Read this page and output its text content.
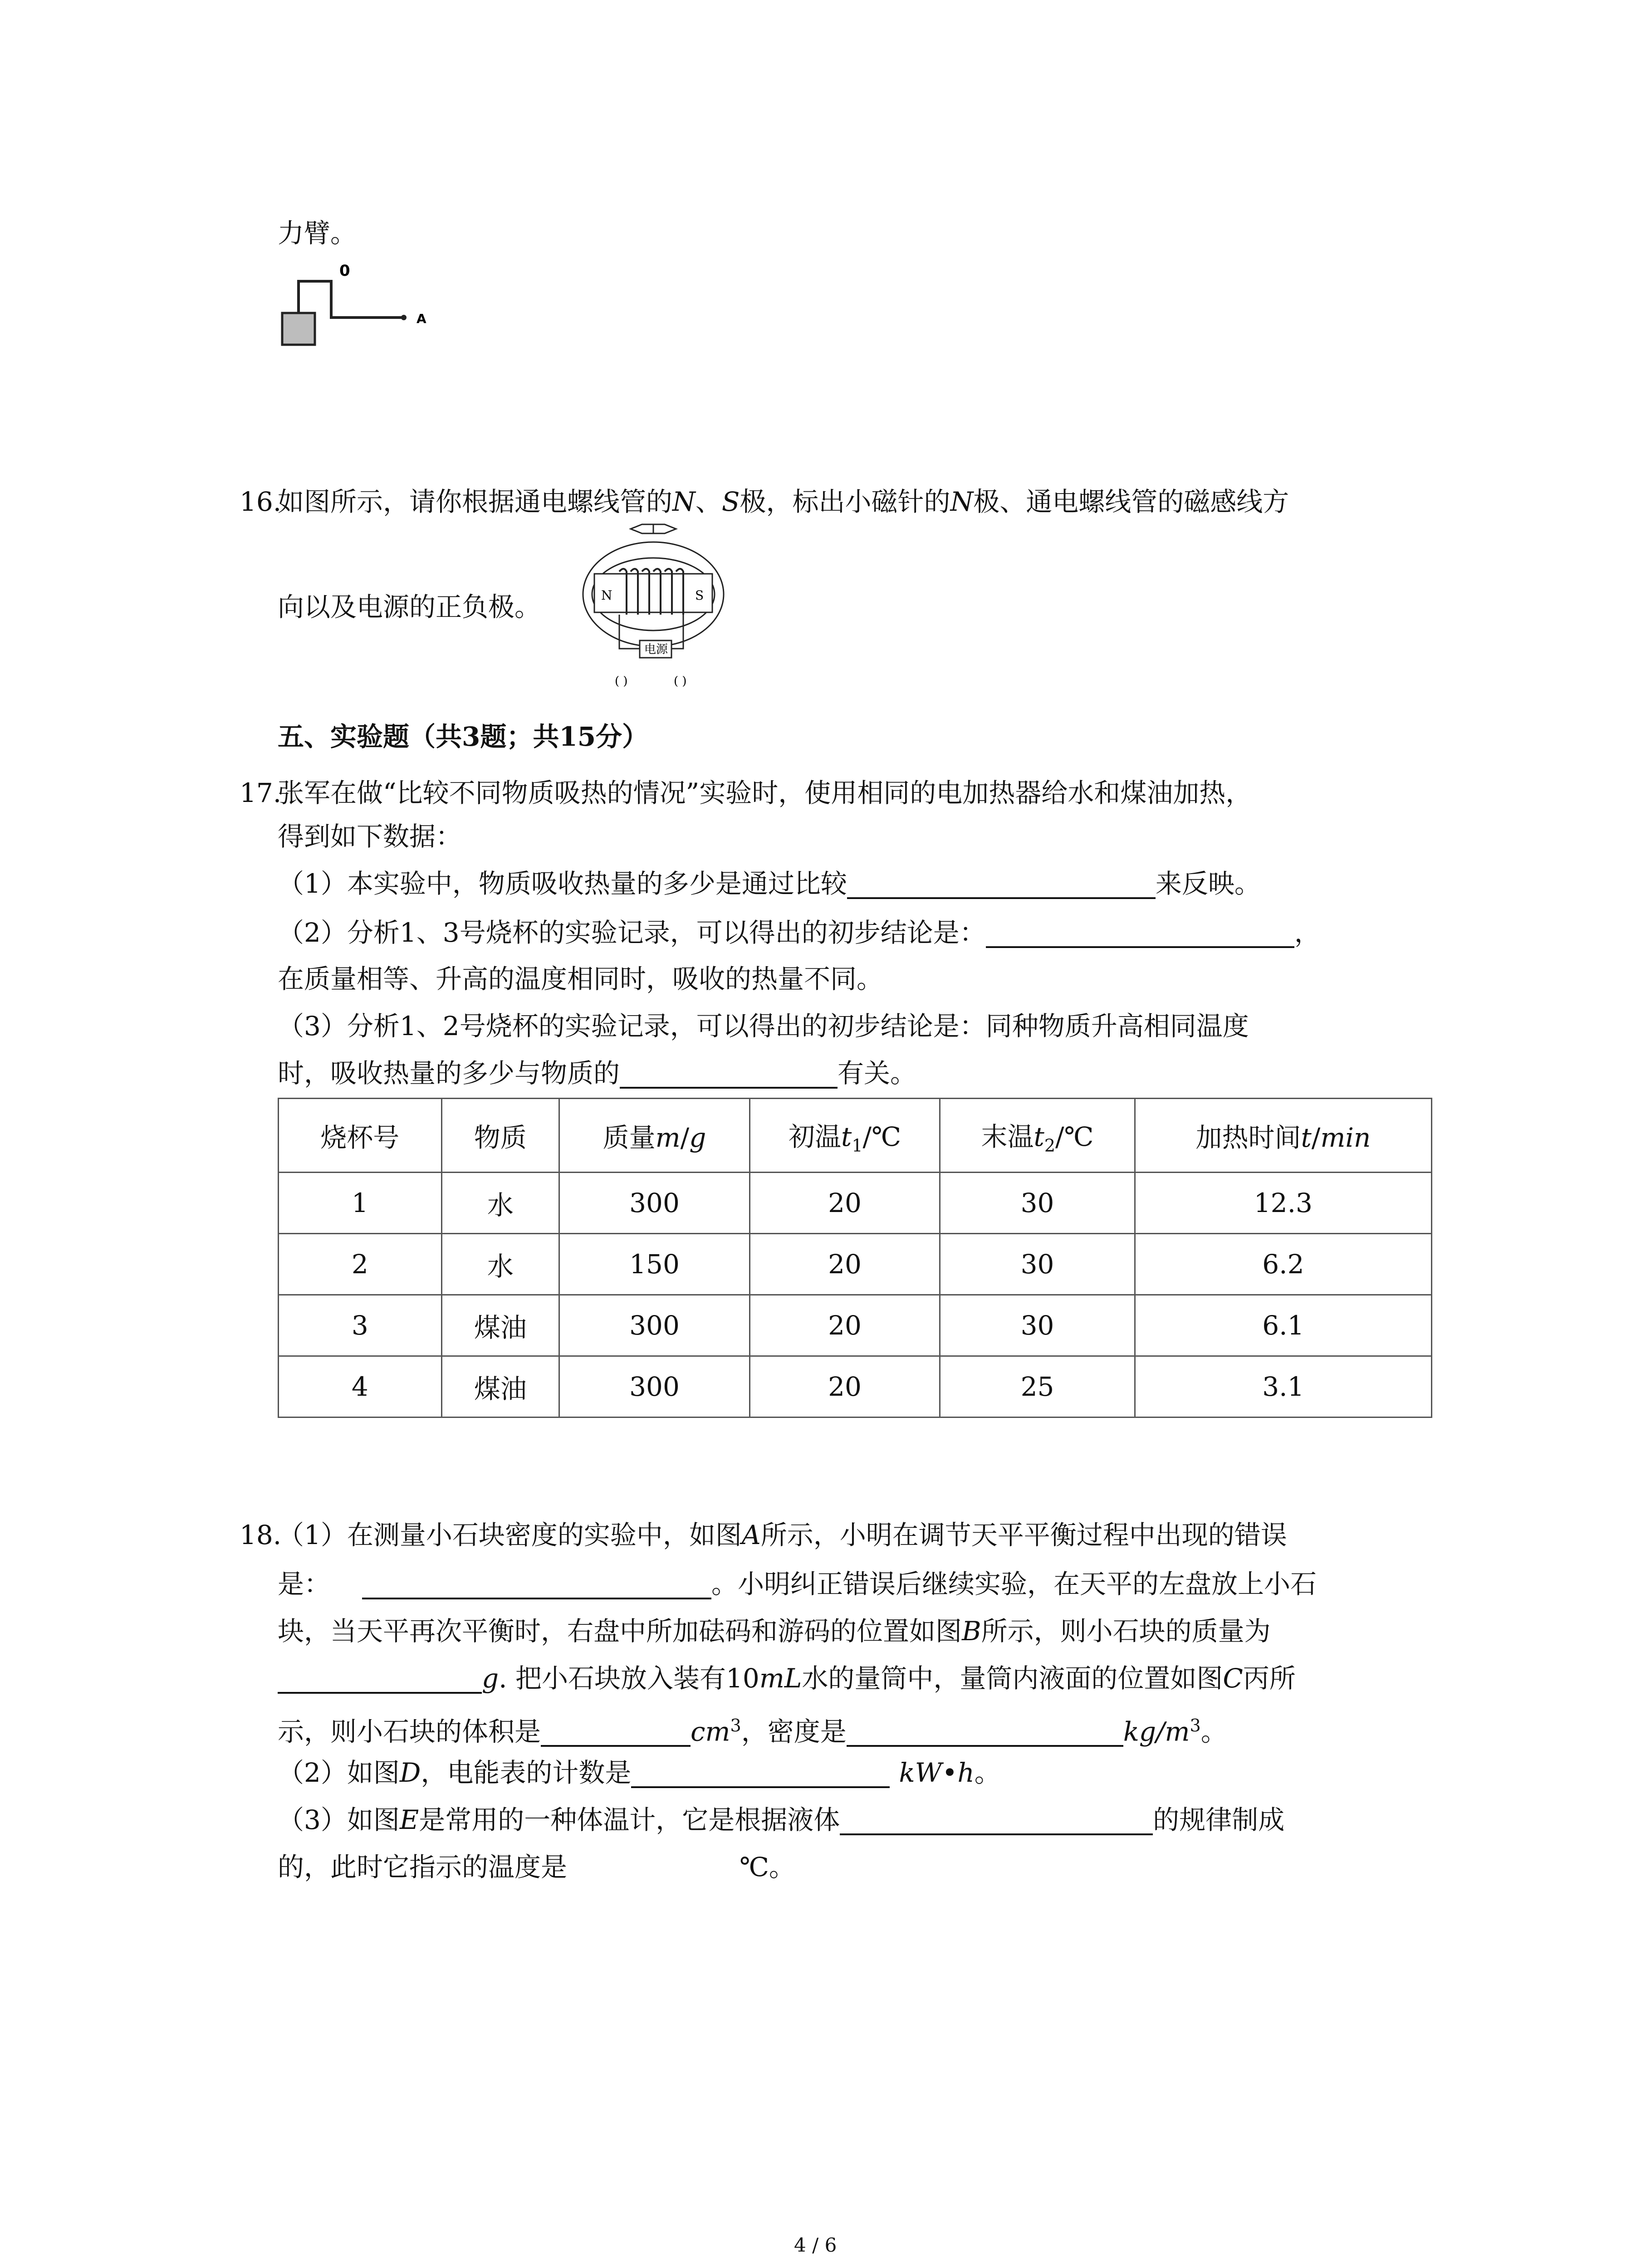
力臂。
0
A
16.
如图所示，请你根据通电螺线管的N、S极，标出小磁针的N极、通电螺线管的磁感线方
向以及电源的正负极。	N	S
电源
( )	( )
五、实验题（共3题；共15分）
17.
张军在做“比较不同物质吸热的情况”实验时，使用相同的电加热器给水和煤油加热，
得到如下数据：
（1）本实验中，物质吸收热量的多少是通过比较	来反映。
（2）分析1、3号烧杯的实验记录，可以得出的初步结论是：	，
在质量相等、升高的温度相同时，吸收的热量不同。
（3）分析1、2号烧杯的实验记录，可以得出的初步结论是：同种物质升高相同温度
时，吸收热量的多少与物质的	有关。
烧杯号	物质	质量m/g	初温$t_1/℃$	末温$t_2/℃$	加热时间t/min
1	水	300	20	30	12.3
2	水	150	20	30	6.2
3	煤油	300	20	30	6.1
4	煤油	300	20	25	3.1
18.
（1）在测量小石块密度的实验中，如图A所示，小明在调节天平平衡过程中出现的错误
是：	。小明纠正错误后继续实验，在天平的左盘放上小石
块，当天平再次平衡时，右盘中所加砝码和游码的位置如图B所示，则小石块的质量为
g. 把小石块放入装有10mL水的量筒中，量筒内液面的位置如图C丙所
示，则小石块的体积是	$cm^3$，密度是	$kg/m^3$。
（2）如图D，电能表的计数是	kW•h。
（3）如图E是常用的一种体温计，它是根据液体	的规律制成
的，此时它指示的温度是	℃。
4 / 6
